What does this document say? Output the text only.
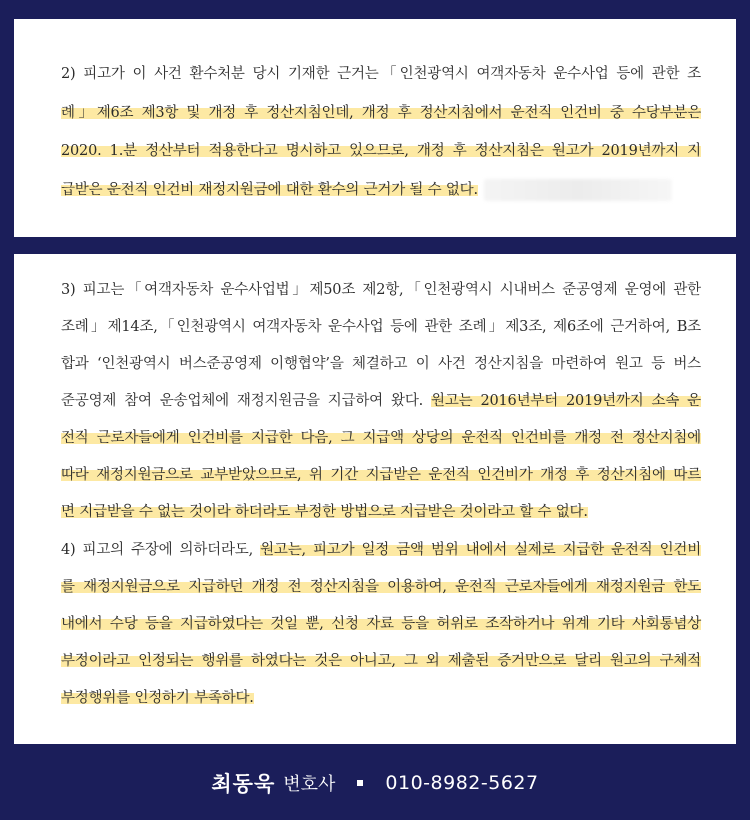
2) 피고가 이 사건 환수처분 당시 기재한 근거는「인천광역시 여객자동차 운수사업 등에 관한 조
례」제6조 제3항 및 개정 후 정산지침인데, 개정 후 정산지침에서 운전직 인건비 중 수당부분은
2020. 1.분 정산부터 적용한다고 명시하고 있으므로, 개정 후 정산지침은 원고가 2019년까지 지
급받은 운전직 인건비 재정지원금에 대한 환수의 근거가 될 수 없다.

3) 피고는「여객자동차 운수사업법」제50조 제2항,「인천광역시 시내버스 준공영제 운영에 관한
조례」제14조,「인천광역시 여객자동차 운수사업 등에 관한 조례」제3조, 제6조에 근거하여, B조
합과 ‘인천광역시 버스준공영제 이행협약’을 체결하고 이 사건 정산지침을 마련하여 원고 등 버스
준공영제 참여 운송업체에 재정지원금을 지급하여 왔다. 원고는 2016년부터 2019년까지 소속 운
전직 근로자들에게 인건비를 지급한 다음, 그 지급액 상당의 운전직 인건비를 개정 전 정산지침에
따라 재정지원금으로 교부받았으므로, 위 기간 지급받은 운전직 인건비가 개정 후 정산지침에 따르
면 지급받을 수 없는 것이라 하더라도 부정한 방법으로 지급받은 것이라고 할 수 없다.

4) 피고의 주장에 의하더라도, 원고는, 피고가 일정 금액 범위 내에서 실제로 지급한 운전직 인건비
를 재정지원금으로 지급하던 개정 전 정산지침을 이용하여, 운전직 근로자들에게 재정지원금 한도
내에서 수당 등을 지급하였다는 것일 뿐, 신청 자료 등을 허위로 조작하거나 위계 기타 사회통념상
부정이라고 인정되는 행위를 하였다는 것은 아니고, 그 외 제출된 증거만으로 달리 원고의 구체적
부정행위를 인정하기 부족하다.

최동욱 변호사	010-8982-5627
